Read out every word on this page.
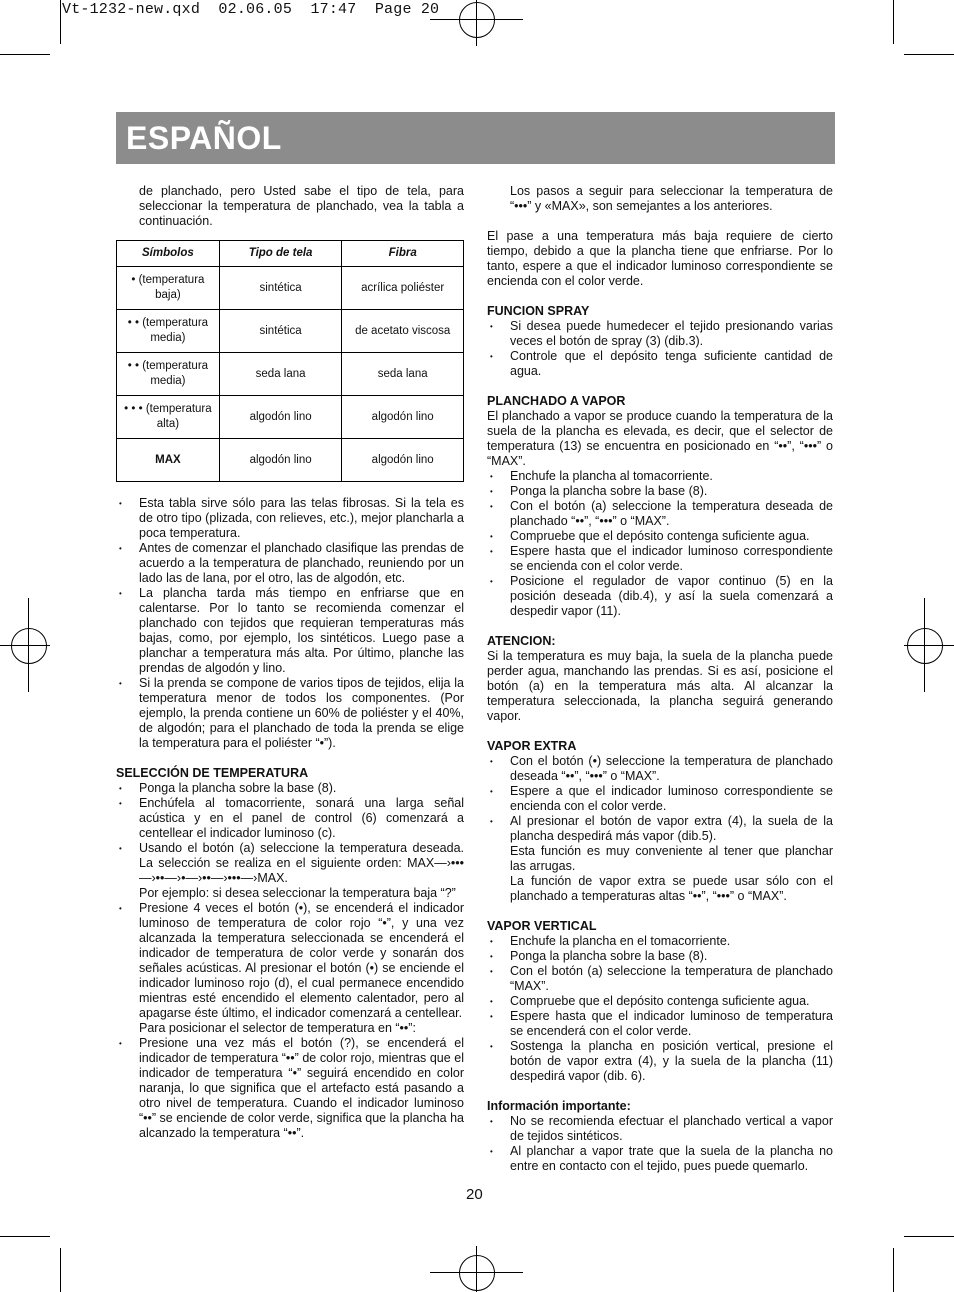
Vt-1232-new.qxd  02.06.05  17:47  Page 20
ESPAÑOL

de planchado, pero Usted sabe el tipo de tela, para seleccionar la temperatura de planchado, vea la tabla a continuación.

Símbolos	Tipo de tela	Fibra
• (temperatura baja)	sintética	acrílica poliéster
• • (temperatura media)	sintética	de acetato viscosa
• • (temperatura media)	seda lana	seda lana
• • • (temperatura alta)	algodón lino	algodón lino
MAX	algodón lino	algodón lino
• Esta tabla sirve sólo para las telas fibrosas. Si la tela es de otro tipo (plizada, con relieves, etc.), mejor plancharla a poca temperatura.
• Antes de comenzar el planchado clasifique las prendas de acuerdo a la temperatura de planchado, reuniendo por un lado las de lana, por el otro, las de algodón, etc.
• La plancha tarda más tiempo en enfriarse que en calentarse. Por lo tanto se recomienda comenzar el planchado con tejidos que requieran temperaturas más bajas, como, por ejemplo, los sintéticos. Luego pase a planchar a temperatura más alta. Por último, planche las prendas de algodón y lino.
• Si la prenda se compone de varios tipos de tejidos, elija la temperatura menor de todos los componentes. (Por ejemplo, la prenda contiene un 60% de poliéster y el 40%, de algodón; para el planchado de toda la prenda se elige la temperatura para el poliéster “•”).

SELECCIÓN DE TEMPERATURA

• Ponga la plancha sobre la base (8).
• Enchúfela al tomacorriente, sonará una larga señal acústica y en el panel de control (6) comenzará a centellear el indicador luminoso (c).
• Usando el botón (a) seleccione la temperatura deseada. La selección se realiza en el siguiente orden: MAX—›•••—›••—›•—›••—›•••—›MAX.
Por ejemplo: si desea seleccionar la temperatura baja “?”
• Presione 4 veces el botón (•), se encenderá el indicador luminoso de temperatura de color rojo “•”, y una vez alcanzada la temperatura seleccionada se encenderá el indicador de temperatura de color verde y sonarán dos señales acústicas. Al presionar el botón (•) se enciende el indicador luminoso rojo (d), el cual permanece encendido mientras esté encendido el elemento calentador, pero al apagarse éste último, el indicador comenzará a centellear.
Para posicionar el selector de temperatura en “••”:
• Presione una vez más el botón (?), se encenderá el indicador de temperatura “••” de color rojo, mientras que el indicador de temperatura “•” seguirá encendido en color naranja, lo que significa que el artefacto está pasando a otro nivel de temperatura. Cuando el indicador luminoso “••” se enciende de color verde, significa que la plancha ha alcanzado la temperatura “••”.

Los pasos a seguir para seleccionar la temperatura de “•••” y «MAX», son semejantes a los anteriores.

El pase a una temperatura más baja requiere de cierto tiempo, debido a que la plancha tiene que enfriarse. Por lo tanto, espere a que el indicador luminoso correspondiente se encienda con el color verde.

FUNCION SPRAY

• Si desea puede humedecer el tejido presionando varias veces el botón de spray (3) (dib.3).
• Controle que el depósito tenga suficiente cantidad de agua.

PLANCHADO A VAPOR

El planchado a vapor se produce cuando la temperatura de la suela de la plancha es elevada, es decir, que el selector de temperatura (13) se encuentra en posicionado en “••”, “•••” o “MAX”.

• Enchufe la plancha al tomacorriente.
• Ponga la plancha sobre la base (8).
• Con el botón (a) seleccione la temperatura deseada de planchado “••”, “•••” o “MAX”.
• Compruebe que el depósito contenga suficiente agua.
• Espere hasta que el indicador luminoso correspondiente se encienda con el color verde.
• Posicione el regulador de vapor continuo (5) en la posición deseada (dib.4), y así la suela comenzará a despedir vapor (11).

ATENCION:

Si la temperatura es muy baja, la suela de la plancha puede perder agua, manchando las prendas. Si es así, posicione el botón (a) en la temperatura más alta. Al alcanzar la temperatura seleccionada, la plancha seguirá generando vapor.

VAPOR EXTRA

• Con el botón (•) seleccione la temperatura de planchado deseada “••”, “•••” o “MAX”.
• Espere a que el indicador luminoso correspondiente se encienda con el color verde.
• Al presionar el botón de vapor extra (4), la suela de la plancha despedirá más vapor (dib.5).
Esta función es muy conveniente al tener que planchar las arrugas.
La función de vapor extra se puede usar sólo con el planchado a temperaturas altas “••”, “•••” o “MAX”.

VAPOR VERTICAL

• Enchufe la plancha en el tomacorriente.
• Ponga la plancha sobre la base (8).
• Con el botón (a) seleccione la temperatura de planchado “MAX”.
• Compruebe que el depósito contenga suficiente agua.
• Espere hasta que el indicador luminoso de temperatura se encenderá con el color verde.
• Sostenga la plancha en posición vertical, presione el botón de vapor extra (4), y la suela de la plancha (11) despedirá vapor (dib. 6).

Información importante:

• No se recomienda efectuar el planchado vertical a vapor de tejidos sintéticos.
• Al planchar a vapor trate que la suela de la plancha no entre en contacto con el tejido, pues puede quemarlo.
20
